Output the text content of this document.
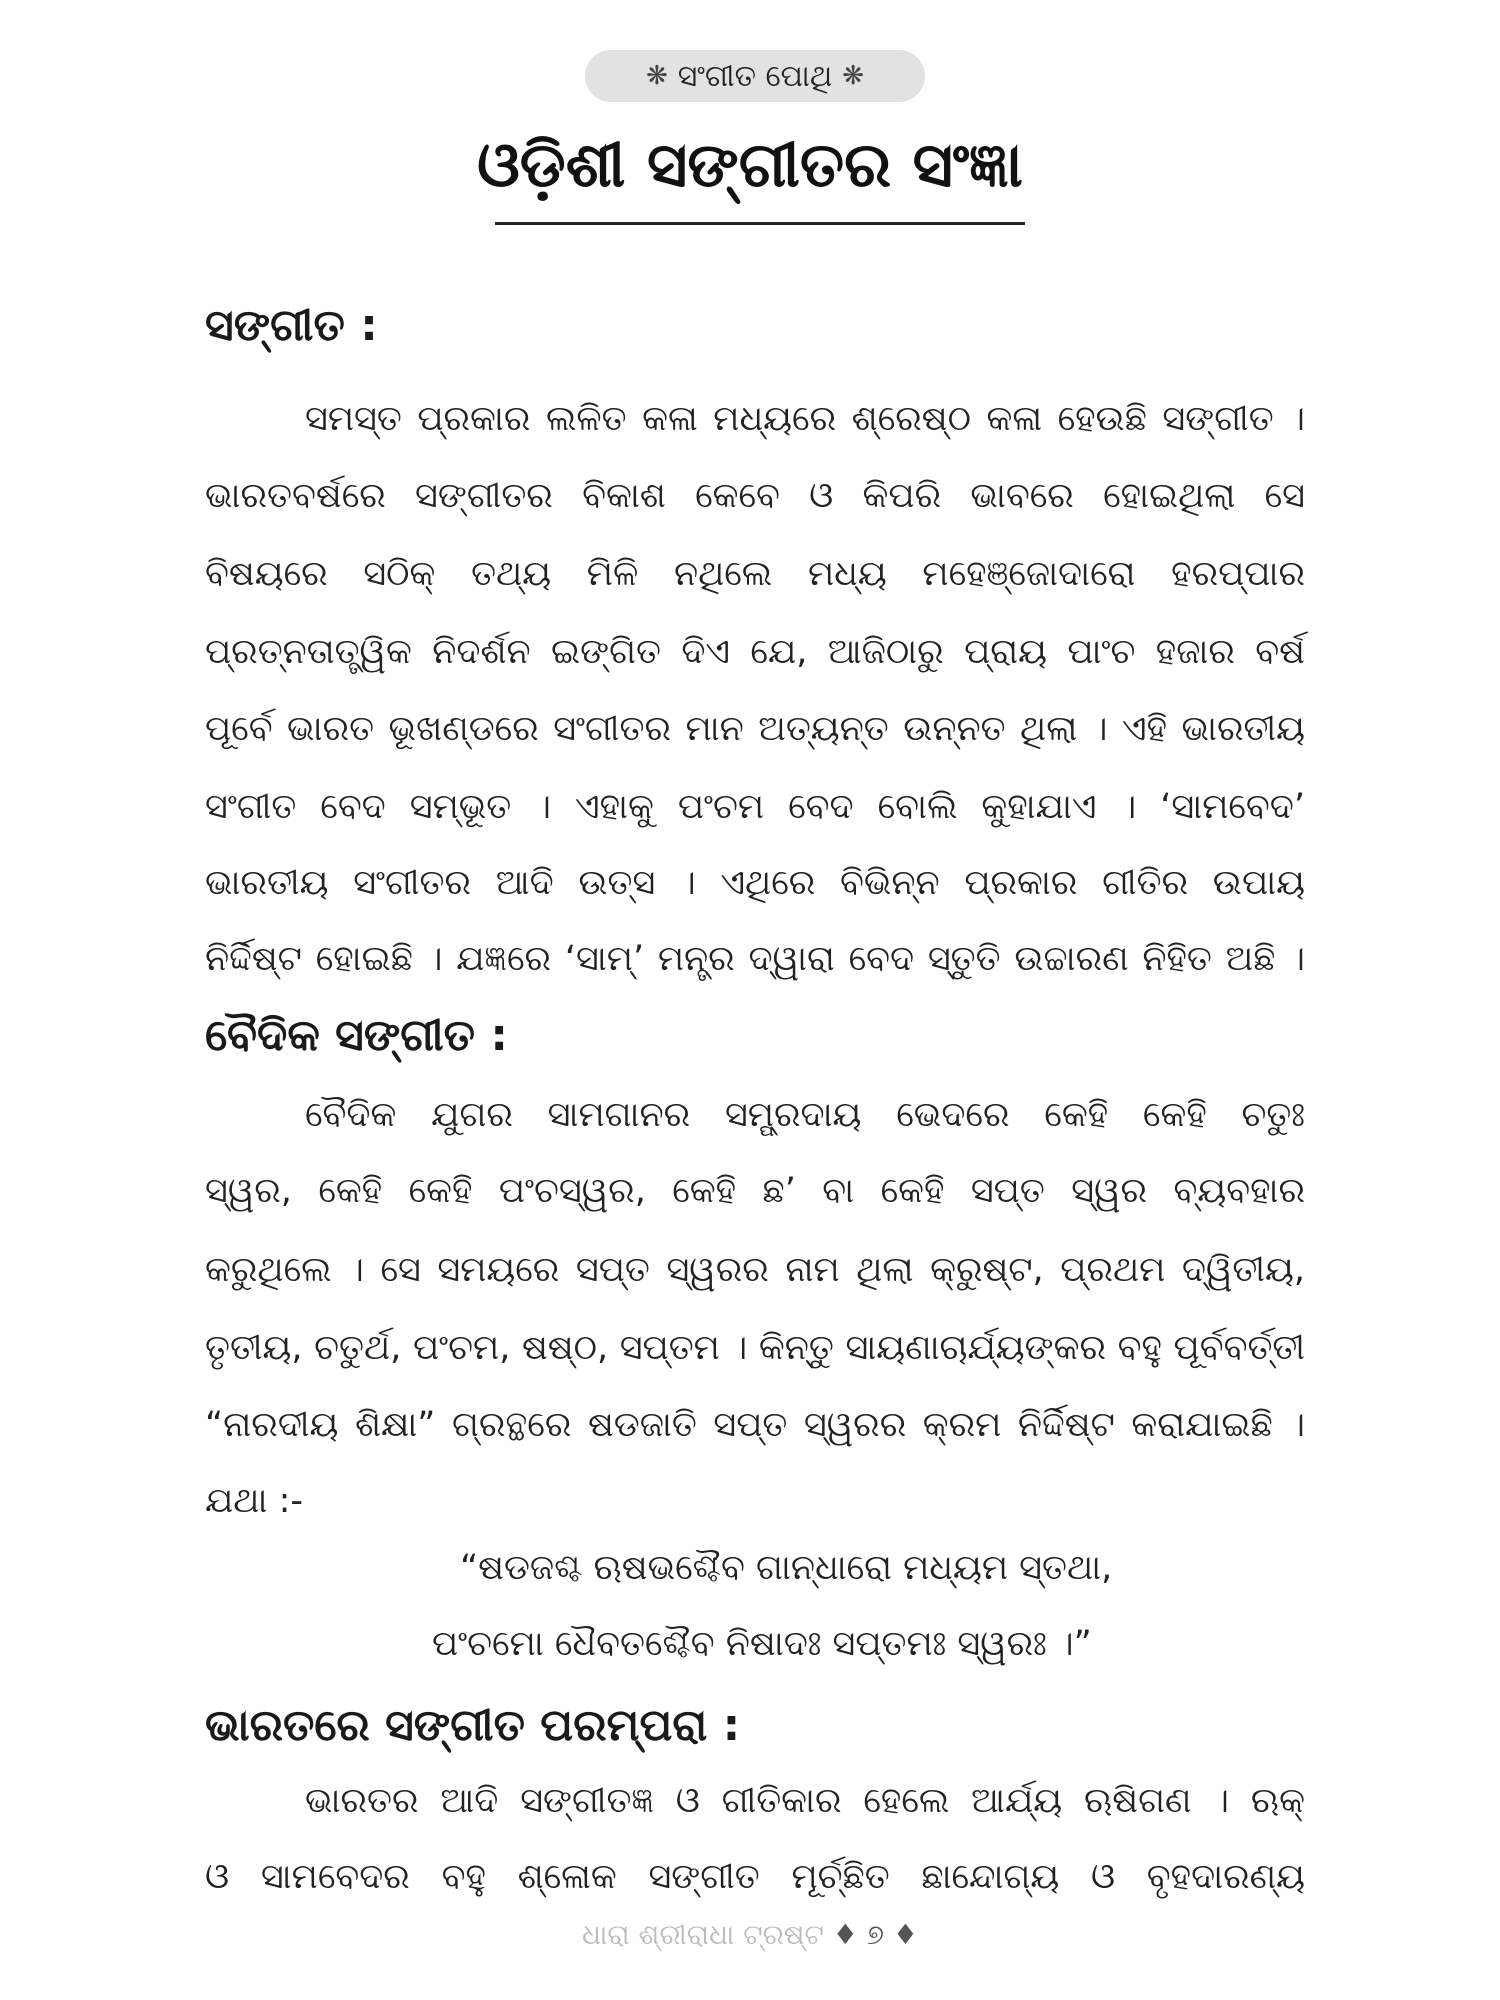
❋ ସଂଗୀତ ପୋଥି ❋
ଓଡ଼ିଶୀ ସଙ୍ଗୀତର ସଂଜ୍ଞା
ସଙ୍ଗୀତ :
ସମସ୍ତ ପ୍ରକାର ଲଳିତ କଳା ମଧ୍ୟରେ ଶ୍ରେଷ୍ଠ କଳା ହେଉଛି ସଙ୍ଗୀତ ।
ଭାରତବର୍ଷରେ ସଙ୍ଗୀତର ବିକାଶ କେବେ ଓ କିପରି ଭାବରେ ହୋଇଥିଲା ସେ
ବିଷୟରେ ସଠିକ୍ ତଥ୍ୟ ମିଳି ନଥିଲେ ମଧ୍ୟ ମହେଞ୍ଜୋଦାରୋ ହରପ୍ପାର
ପ୍ରତ୍ନତାତ୍ତ୍ୱିକ ନିଦର୍ଶନ ଇଙ୍ଗିତ ଦିଏ ଯେ, ଆଜିଠାରୁ ପ୍ରାୟ ପାଂଚ ହଜାର ବର୍ଷ
ପୂର୍ବେ ଭାରତ ଭୂଖଣ୍ଡରେ ସଂଗୀତର ମାନ ଅତ୍ୟନ୍ତ ଉନ୍ନତ ଥିଲା । ଏହି ଭାରତୀୟ
ସଂଗୀତ ବେଦ ସମ୍ଭୂତ । ଏହାକୁ ପଂଚମ ବେଦ ବୋଲି କୁହାଯାଏ । ‘ସାମବେଦ’
ଭାରତୀୟ ସଂଗୀତର ଆଦି ଉତ୍ସ । ଏଥିରେ ବିଭିନ୍ନ ପ୍ରକାର ଗୀତିର ଉପାୟ
ନିର୍ଦ୍ଦିଷ୍ଟ ହୋଇଛି । ଯଜ୍ଞରେ ‘ସାମ୍’ ମନ୍ତ୍ର ଦ୍ୱାରା ବେଦ ସ୍ତୁତି ଉଚ୍ଚାରଣ ନିହିତ ଅଛି ।
ବୈଦିକ ସଙ୍ଗୀତ :
ବୈଦିକ ଯୁଗର ସାମଗାନର ସମ୍ପ୍ରଦାୟ ଭେଦରେ କେହି କେହି ଚତୁଃ
ସ୍ୱର, କେହି କେହି ପଂଚସ୍ୱର, କେହି ଛ’ ବା କେହି ସପ୍ତ ସ୍ୱର ବ୍ୟବହାର
କରୁଥିଲେ । ସେ ସମୟରେ ସପ୍ତ ସ୍ୱରର ନାମ ଥିଲା କ୍ରୁଷ୍ଟ, ପ୍ରଥମ ଦ୍ୱିତୀୟ,
ତୃତୀୟ, ଚତୁର୍ଥ, ପଂଚମ, ଷଷ୍ଠ, ସପ୍ତମ । କିନ୍ତୁ ସାୟଣାଚାର୍ଯ୍ୟଙ୍କର ବହୁ ପୂର୍ବବର୍ତ୍ତୀ
“ନାରଦୀୟ ଶିକ୍ଷା” ଗ୍ରନ୍ଥରେ ଷଡଜାତି ସପ୍ତ ସ୍ୱରର କ୍ରମ ନିର୍ଦ୍ଦିଷ୍ଟ କରାଯାଇଛି ।
ଯଥା :-
“ଷଡଜଶ୍ଚ ଋଷଭଶ୍ଚୈବ ଗାନ୍ଧାରୋ ମଧ୍ୟମ ସ୍ତଥା,
ପଂଚମୋ ଧୈବତଶ୍ଚୈବ ନିଷାଦଃ ସପ୍ତମଃ ସ୍ୱରଃ ।”
ଭାରତରେ ସଙ୍ଗୀତ ପରମ୍ପରା :
ଭାରତର ଆଦି ସଙ୍ଗୀତଜ୍ଞ ଓ ଗୀତିକାର ହେଲେ ଆର୍ଯ୍ୟ ଋଷିଗଣ । ଋକ୍
ଓ ସାମବେଦର ବହୁ ଶ୍ଳୋକ ସଙ୍ଗୀତ ମୂର୍ଚ୍ଛିତ ଛାନ୍ଦୋଗ୍ୟ ଓ ବୃହଦାରଣ୍ୟ
ଧାରା ଶ୍ରୀରାଧା ଟ୍ରଷ୍ଟ ♦ ୭ ♦
